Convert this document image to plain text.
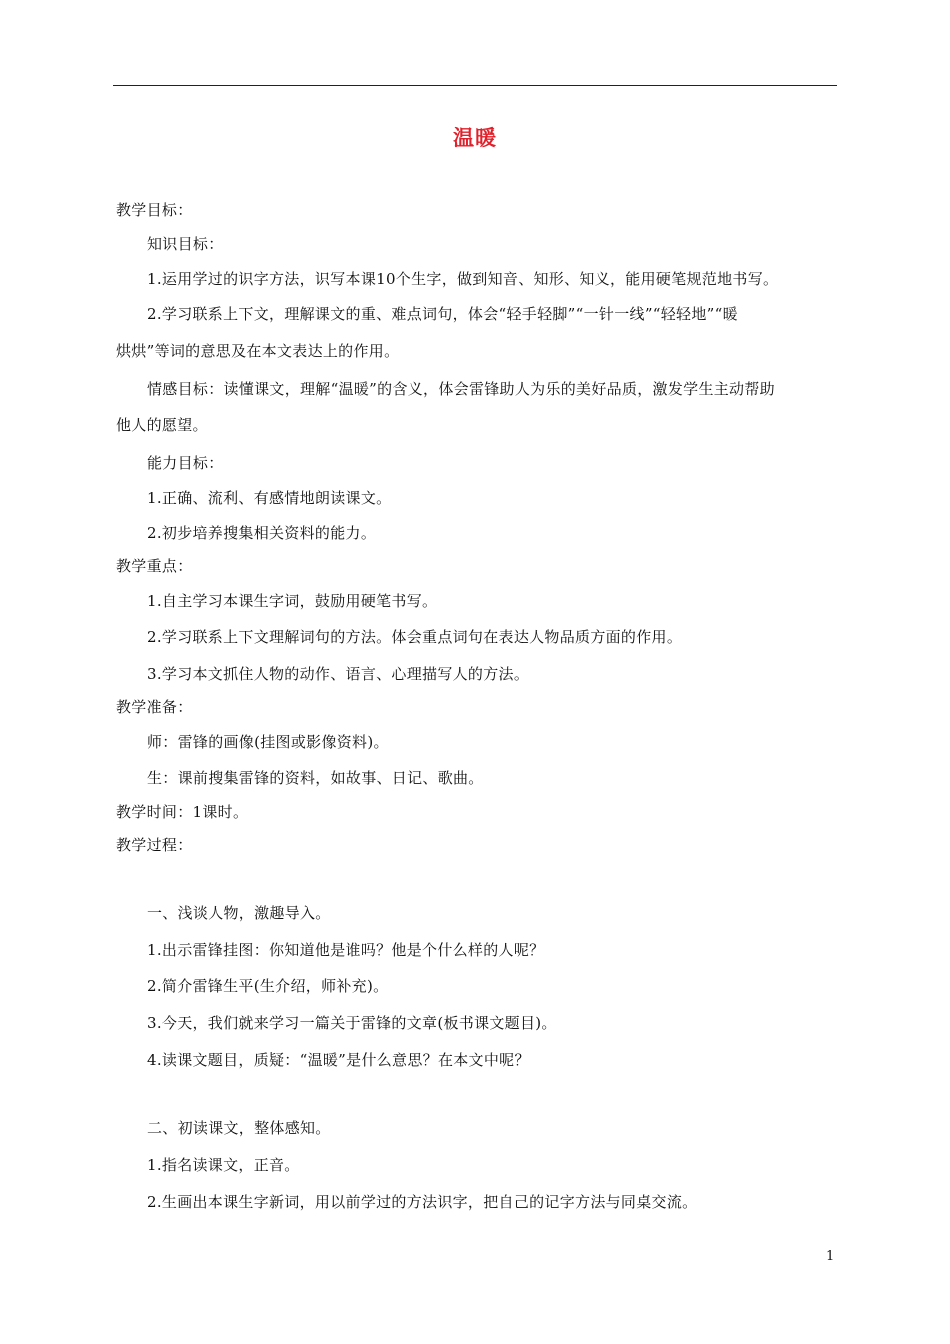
温暖
教学目标：
知识目标：
1.运用学过的识字方法，识写本课10个生字，做到知音、知形、知义，能用硬笔规范地书写。
2.学习联系上下文，理解课文的重、难点词句，体会“轻手轻脚”“一针一线”“轻轻地”“暖
烘烘”等词的意思及在本文表达上的作用。
情感目标：读懂课文，理解“温暖”的含义，体会雷锋助人为乐的美好品质，激发学生主动帮助
他人的愿望。
能力目标：
1.正确、流利、有感情地朗读课文。
2.初步培养搜集相关资料的能力。
教学重点：
1.自主学习本课生字词，鼓励用硬笔书写。
2.学习联系上下文理解词句的方法。体会重点词句在表达人物品质方面的作用。
3.学习本文抓住人物的动作、语言、心理描写人的方法。
教学准备：
师：雷锋的画像(挂图或影像资料)。
生：课前搜集雷锋的资料，如故事、日记、歌曲。
教学时间：1课时。
教学过程：
一、浅谈人物，激趣导入。
1.出示雷锋挂图：你知道他是谁吗？他是个什么样的人呢？
2.简介雷锋生平(生介绍，师补充)。
3.今天，我们就来学习一篇关于雷锋的文章(板书课文题目)。
4.读课文题目，质疑：“温暖”是什么意思？在本文中呢？
二、初读课文，整体感知。
1.指名读课文，正音。
2.生画出本课生字新词，用以前学过的方法识字，把自己的记字方法与同桌交流。
1
